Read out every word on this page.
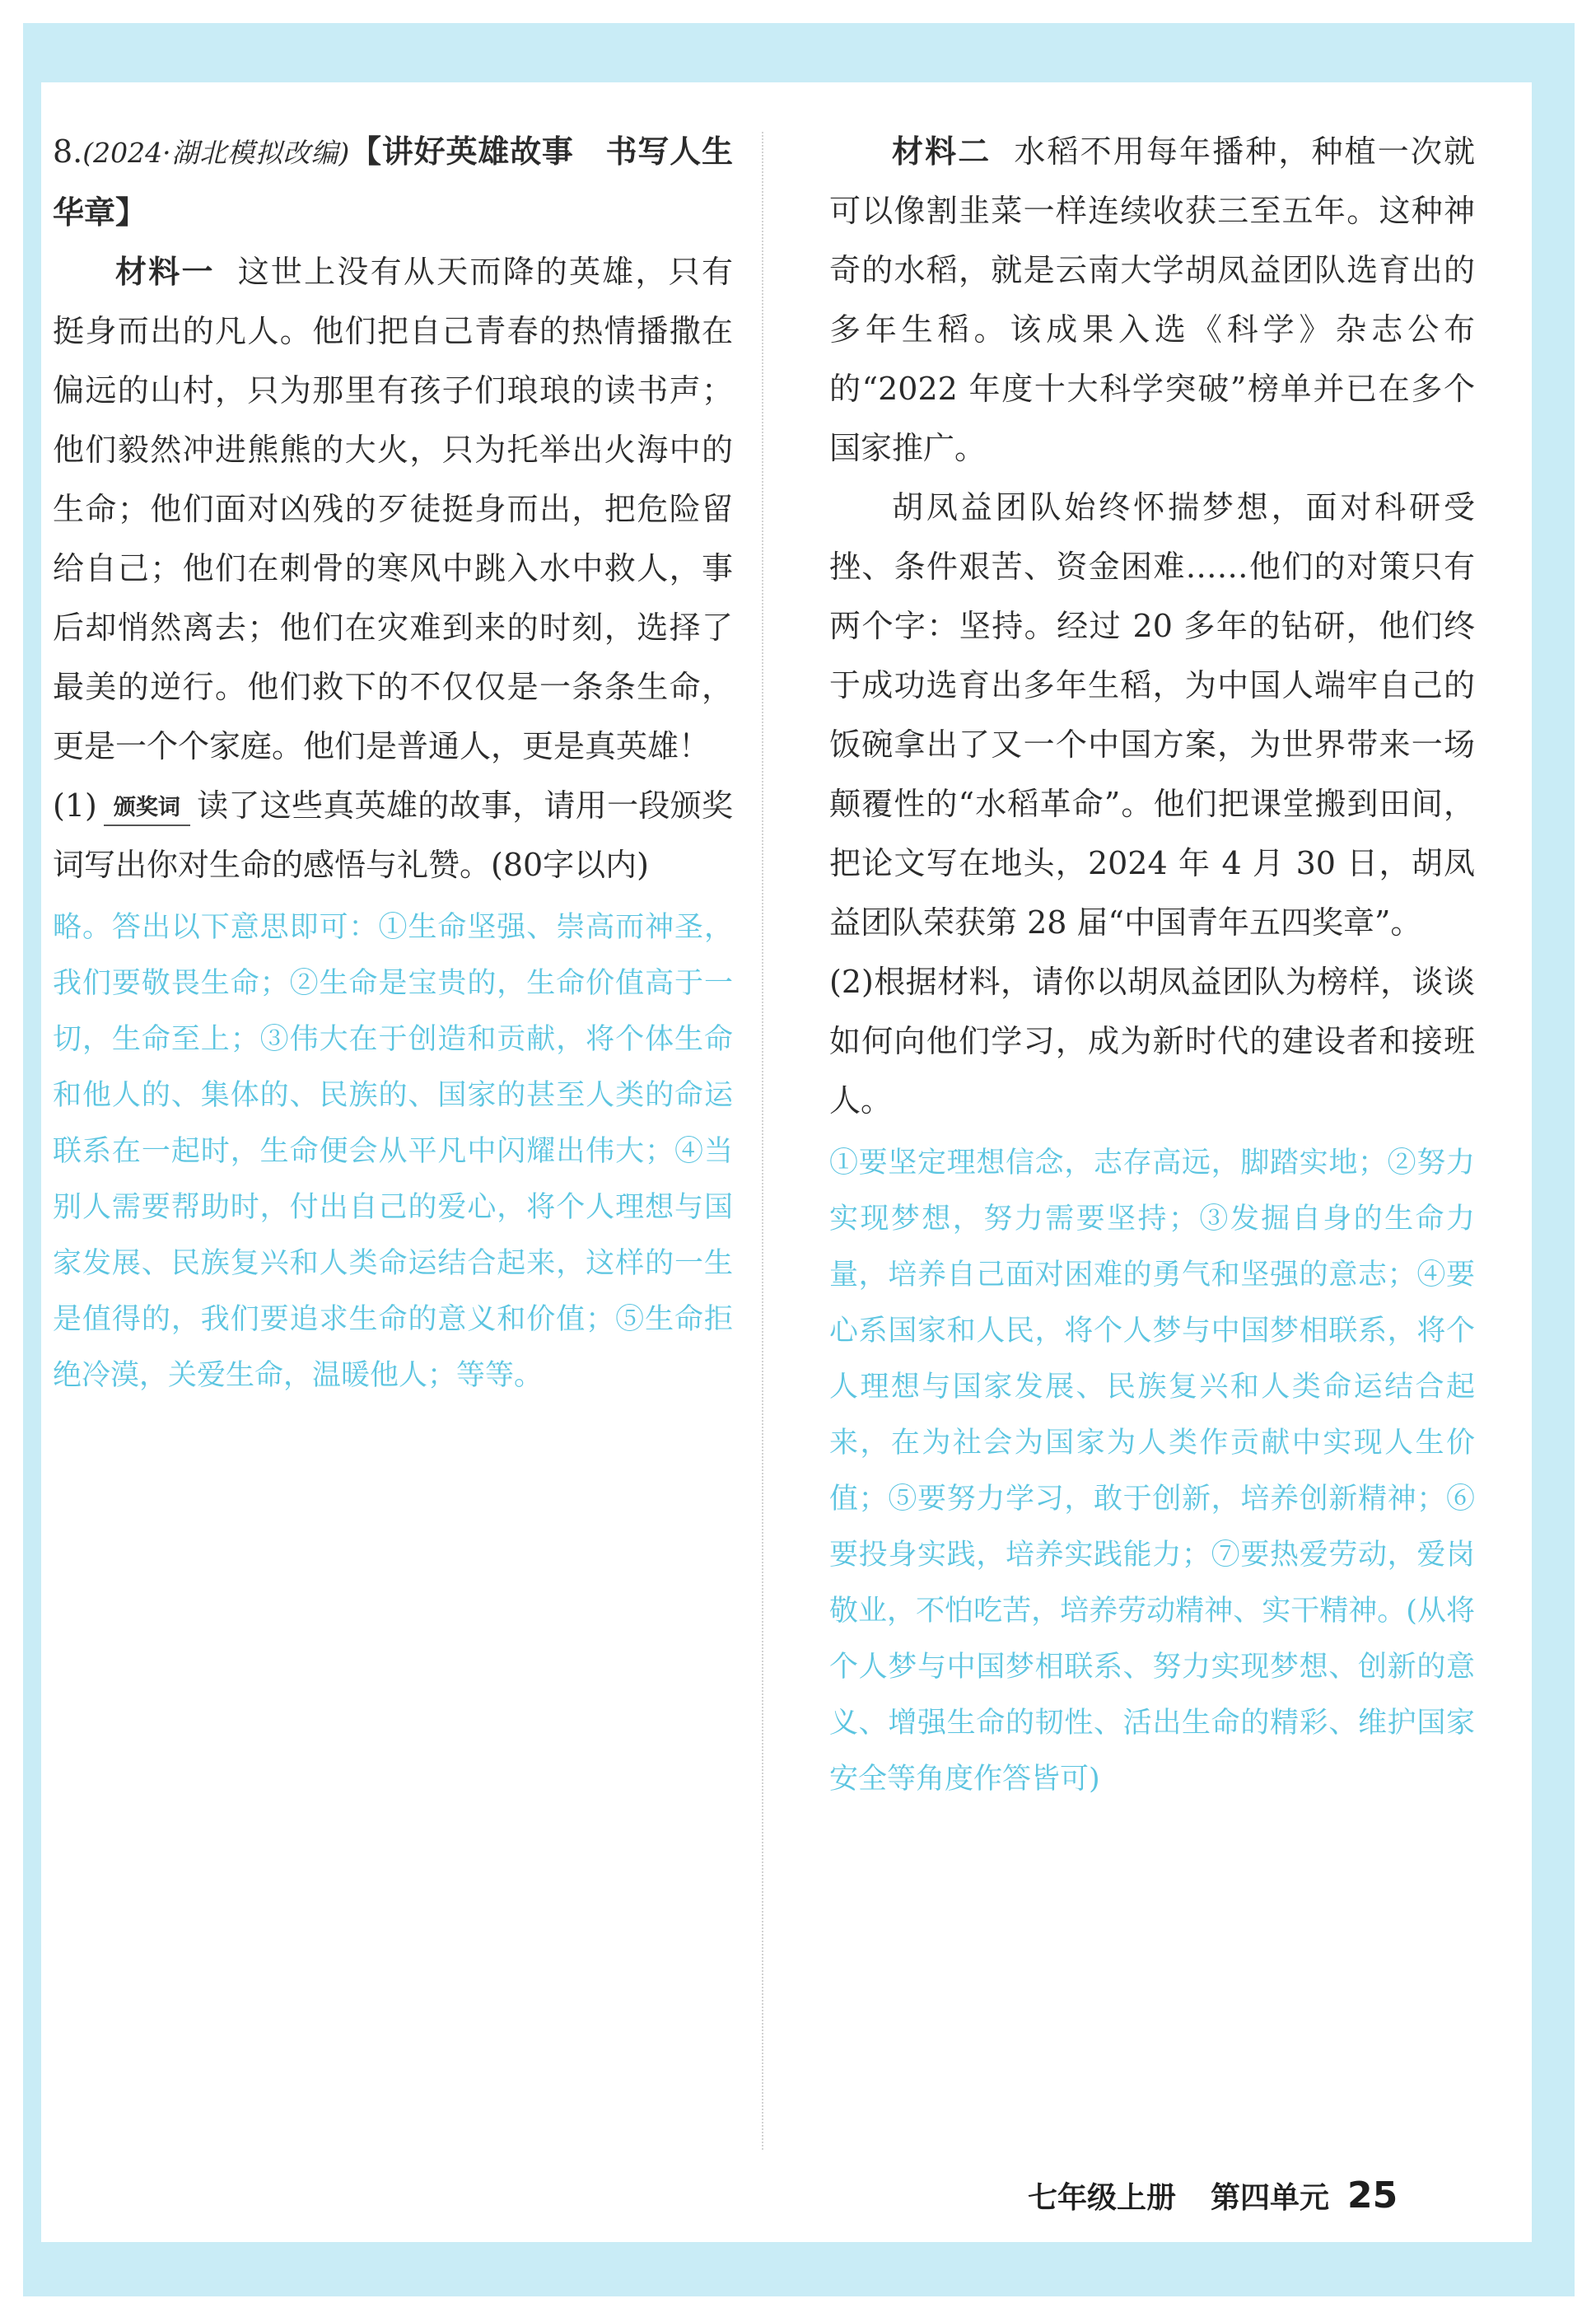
8.(2024·湖北模拟改编)【讲好英雄故事　书写人生华章】

材料一 这世上没有从天而降的英雄，只有挺身而出的凡人。他们把自己青春的热情播撒在偏远的山村，只为那里有孩子们琅琅的读书声；他们毅然冲进熊熊的大火，只为托举出火海中的生命；他们面对凶残的歹徒挺身而出，把危险留给自己；他们在刺骨的寒风中跳入水中救人，事后却悄然离去；他们在灾难到来的时刻，选择了最美的逆行。他们救下的不仅仅是一条条生命，更是一个个家庭。他们是普通人，更是真英雄！

(1) 颁奖词 读了这些真英雄的故事，请用一段颁奖词写出你对生命的感悟与礼赞。(80字以内)

略。答出以下意思即可：①生命坚强、崇高而神圣，我们要敬畏生命；②生命是宝贵的，生命价值高于一切，生命至上；③伟大在于创造和贡献，将个体生命和他人的、集体的、民族的、国家的甚至人类的命运联系在一起时，生命便会从平凡中闪耀出伟大；④当别人需要帮助时，付出自己的爱心，将个人理想与国家发展、民族复兴和人类命运结合起来，这样的一生是值得的，我们要追求生命的意义和价值；⑤生命拒绝冷漠，关爱生命，温暖他人；等等。

材料二 水稻不用每年播种，种植一次就可以像割韭菜一样连续收获三至五年。这种神奇的水稻，就是云南大学胡凤益团队选育出的多年生稻。该成果入选《科学》杂志公布的“2022 年度十大科学突破”榜单并已在多个国家推广。

胡凤益团队始终怀揣梦想，面对科研受挫、条件艰苦、资金困难……他们的对策只有两个字：坚持。经过 20 多年的钻研，他们终于成功选育出多年生稻，为中国人端牢自己的饭碗拿出了又一个中国方案，为世界带来一场颠覆性的“水稻革命”。他们把课堂搬到田间，把论文写在地头，2024 年 4 月 30 日，胡凤益团队荣获第 28 届“中国青年五四奖章”。

(2)根据材料，请你以胡凤益团队为榜样，谈谈如何向他们学习，成为新时代的建设者和接班人。

①要坚定理想信念，志存高远，脚踏实地；②努力实现梦想，努力需要坚持；③发掘自身的生命力量，培养自己面对困难的勇气和坚强的意志；④要心系国家和人民，将个人梦与中国梦相联系，将个人理想与国家发展、民族复兴和人类命运结合起来，在为社会为国家为人类作贡献中实现人生价值；⑤要努力学习，敢于创新，培养创新精神；⑥要投身实践，培养实践能力；⑦要热爱劳动，爱岗敬业，不怕吃苦，培养劳动精神、实干精神。(从将个人梦与中国梦相联系、努力实现梦想、创新的意义、增强生命的韧性、活出生命的精彩、维护国家安全等角度作答皆可)

七年级上册 第四单元 25
